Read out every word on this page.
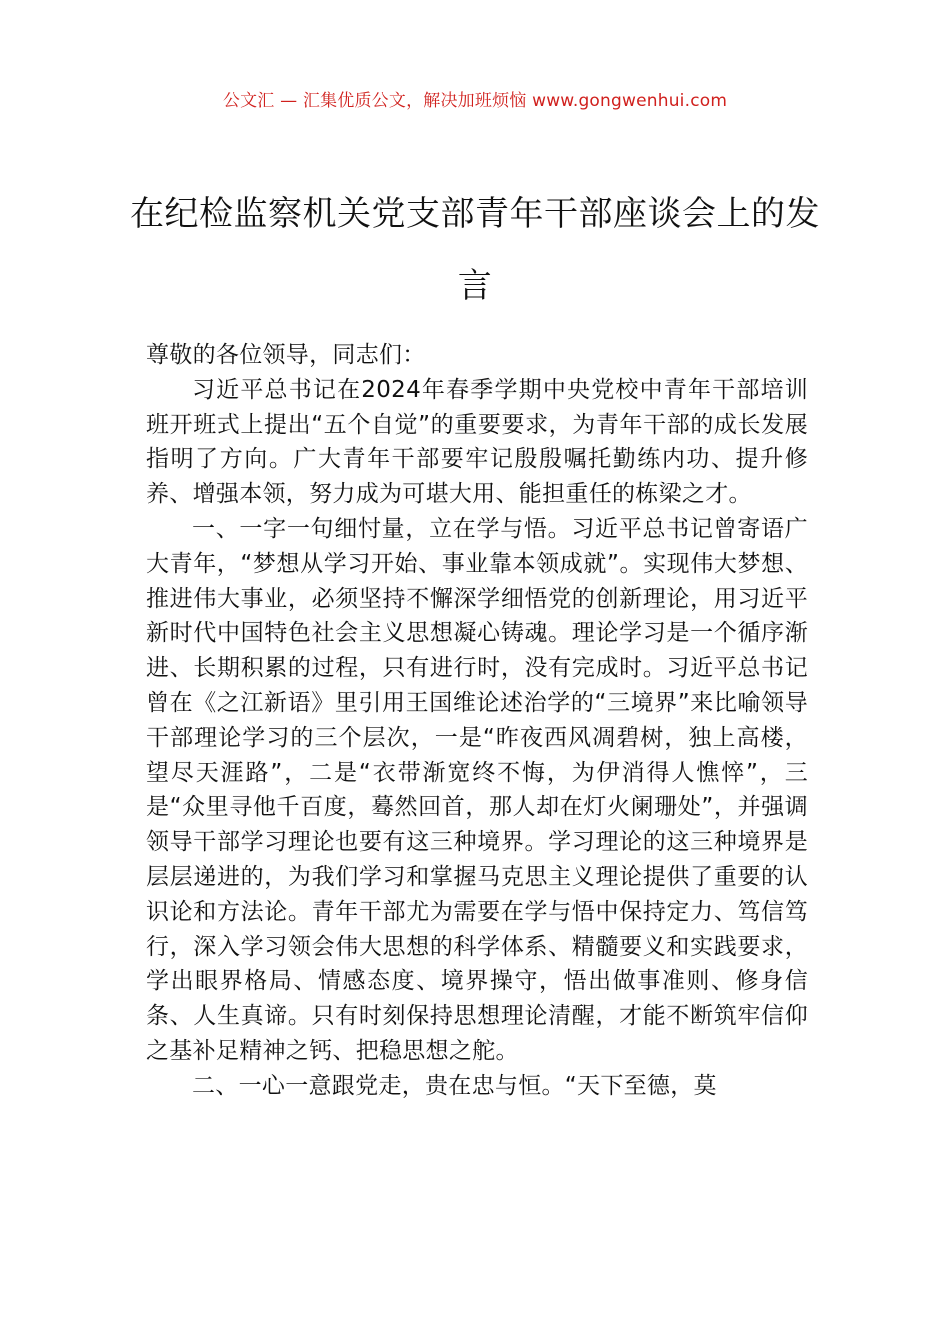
公文汇 — 汇集优质公文，解决加班烦恼 www.gongwenhui.com
在纪检监察机关党支部青年干部座谈会上的发言

尊敬的各位领导，同志们：

习近平总书记在2024年春季学期中央党校中青年干部培训班开班式上提出“五个自觉”的重要要求，为青年干部的成长发展指明了方向。广大青年干部要牢记殷殷嘱托勤练内功、提升修养、增强本领，努力成为可堪大用、能担重任的栋梁之才。

一、一字一句细忖量，立在学与悟。习近平总书记曾寄语广大青年，“梦想从学习开始、事业靠本领成就”。实现伟大梦想、推进伟大事业，必须坚持不懈深学细悟党的创新理论，用习近平新时代中国特色社会主义思想凝心铸魂。理论学习是一个循序渐进、长期积累的过程，只有进行时，没有完成时。习近平总书记曾在《之江新语》里引用王国维论述治学的“三境界”来比喻领导干部理论学习的三个层次，一是“昨夜西风凋碧树，独上高楼，望尽天涯路”，二是“衣带渐宽终不悔，为伊消得人憔悴”，三是“众里寻他千百度，蓦然回首，那人却在灯火阑珊处”，并强调领导干部学习理论也要有这三种境界。学习理论的这三种境界是层层递进的，为我们学习和掌握马克思主义理论提供了重要的认识论和方法论。青年干部尤为需要在学与悟中保持定力、笃信笃行，深入学习领会伟大思想的科学体系、精髓要义和实践要求，学出眼界格局、情感态度、境界操守，悟出做事准则、修身信条、人生真谛。只有时刻保持思想理论清醒，才能不断筑牢信仰之基补足精神之钙、把稳思想之舵。

二、一心一意跟党走，贵在忠与恒。“天下至德，莫
